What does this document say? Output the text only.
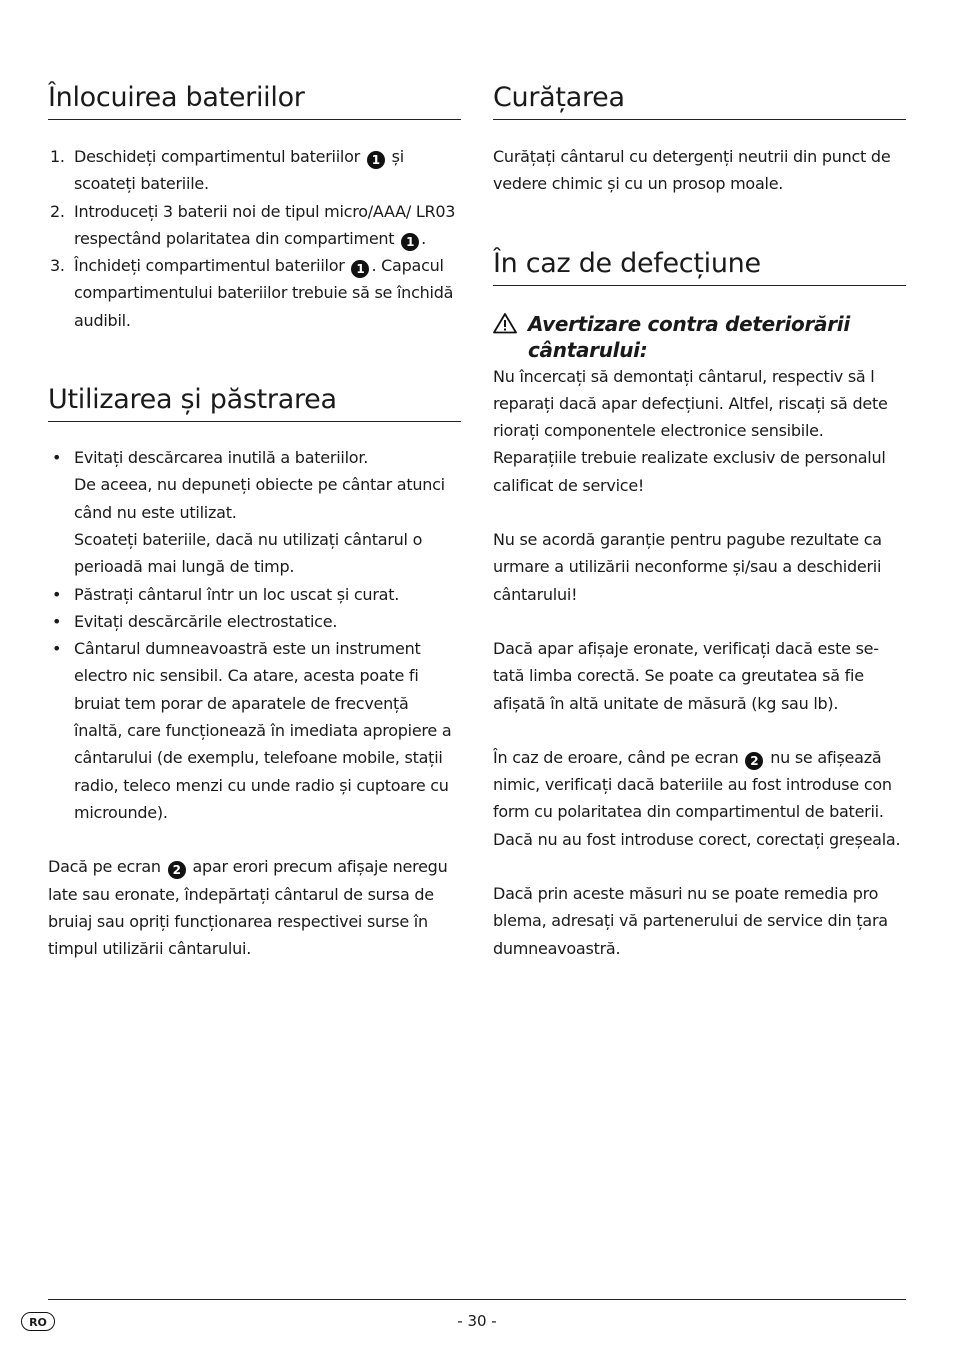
Înlocuirea bateriilor
1. Deschideți compartimentul bateriilor 1 și scoateți bateriile.
2. Introduceți 3 baterii noi de tipul micro/AAA/ LR03 respectând polaritatea din compartiment 1 .
3. Închideți compartimentul bateriilor 1 . Capacul compartimentului bateriilor trebuie să se închidă audibil.
Utilizarea și păstrarea
• Evitați descărcarea inutilă a bateriilor.

De aceea, nu depuneți obiecte pe cântar atunci când nu este utilizat.

Scoateți bateriile, dacă nu utilizați cântarul o perioadă mai lungă de timp.

• Păstrați cântarul într un loc uscat și curat.
• Evitați descărcările electrostatice.
• Cântarul dumneavoastră este un instrument electro nic sensibil. Ca atare, acesta poate fi bruiat tem porar de aparatele de frecvență înaltă, care funcționează în imediata apropiere a cântarului (de exemplu, telefoane mobile, stații radio, teleco menzi cu unde radio și cuptoare cu microunde).

Dacă pe ecran 2 apar erori precum afișaje neregu late sau eronate, îndepărtați cântarul de sursa de bruiaj sau opriți funcționarea respectivei surse în timpul utilizării cântarului.

Curățarea

Curățați cântarul cu detergenți neutrii din punct de vedere chimic și cu un prosop moale.

În caz de defecțiune
Avertizare contra deteriorării cântarului:

Nu încercați să demontați cântarul, respectiv să l reparați dacă apar defecțiuni. Altfel, riscați să dete riorați componentele electronice sensibile. Reparațiile trebuie realizate exclusiv de personalul calificat de service!

Nu se acordă garanție pentru pagube rezultate ca urmare a utilizării neconforme și/sau a deschiderii cântarului!

Dacă apar afișaje eronate, verificați dacă este se- tată limba corectă. Se poate ca greutatea să fie afișată în altă unitate de măsură (kg sau lb).

În caz de eroare, când pe ecran 2 nu se afișează nimic, verificați dacă bateriile au fost introduse con form cu polaritatea din compartimentul de baterii. Dacă nu au fost introduse corect, corectați greșeala.

Dacă prin aceste măsuri nu se poate remedia pro blema, adresați vă partenerului de service din țara dumneavoastră.

RO	- 30 -
